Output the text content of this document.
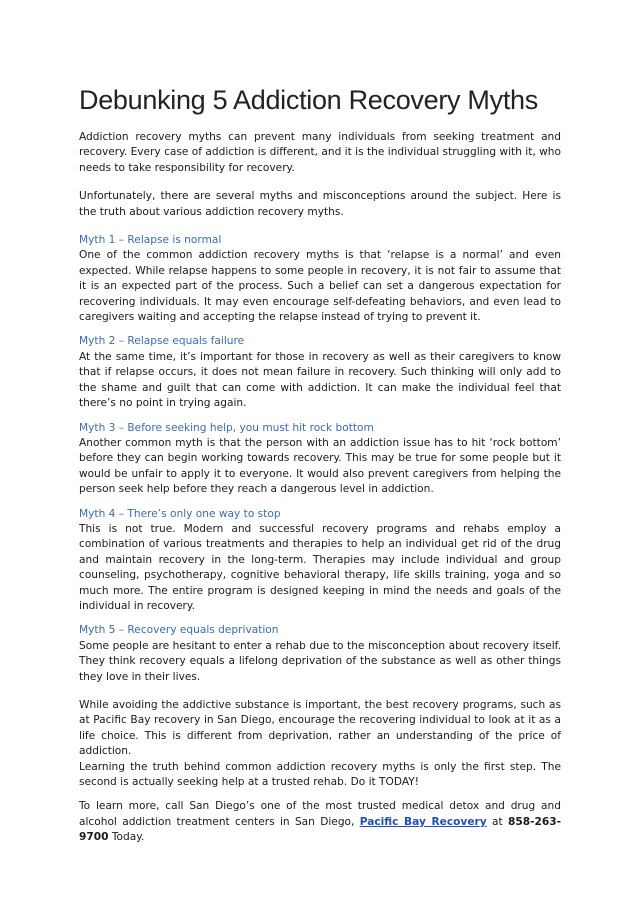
Debunking 5 Addiction Recovery Myths

Addiction recovery myths can prevent many individuals from seeking treatment and recovery. Every case of addiction is different, and it is the individual struggling with it, who needs to take responsibility for recovery.

Unfortunately, there are several myths and misconceptions around the subject. Here is the truth about various addiction recovery myths.

Myth 1 – Relapse is normal

One of the common addiction recovery myths is that ‘relapse is a normal’ and even expected. While relapse happens to some people in recovery, it is not fair to assume that it is an expected part of the process. Such a belief can set a dangerous expectation for recovering individuals. It may even encourage self-defeating behaviors, and even lead to caregivers waiting and accepting the relapse instead of trying to prevent it.

Myth 2 – Relapse equals failure

At the same time, it’s important for those in recovery as well as their caregivers to know that if relapse occurs, it does not mean failure in recovery. Such thinking will only add to the shame and guilt that can come with addiction. It can make the individual feel that there’s no point in trying again.

Myth 3 – Before seeking help, you must hit rock bottom

Another common myth is that the person with an addiction issue has to hit ‘rock bottom’ before they can begin working towards recovery. This may be true for some people but it would be unfair to apply it to everyone. It would also prevent caregivers from helping the person seek help before they reach a dangerous level in addiction.

Myth 4 – There’s only one way to stop

This is not true. Modern and successful recovery programs and rehabs employ a combination of various treatments and therapies to help an individual get rid of the drug and maintain recovery in the long-term. Therapies may include individual and group counseling, psychotherapy, cognitive behavioral therapy, life skills training, yoga and so much more. The entire program is designed keeping in mind the needs and goals of the individual in recovery.

Myth 5 – Recovery equals deprivation

Some people are hesitant to enter a rehab due to the misconception about recovery itself. They think recovery equals a lifelong deprivation of the substance as well as other things they love in their lives.

While avoiding the addictive substance is important, the best recovery programs, such as at Pacific Bay recovery in San Diego, encourage the recovering individual to look at it as a life choice. This is different from deprivation, rather an understanding of the price of addiction.

Learning the truth behind common addiction recovery myths is only the first step. The second is actually seeking help at a trusted rehab. Do it TODAY!

To learn more, call San Diego’s one of the most trusted medical detox and drug and alcohol addiction treatment centers in San Diego, Pacific Bay Recovery at 858-263-9700 Today.
